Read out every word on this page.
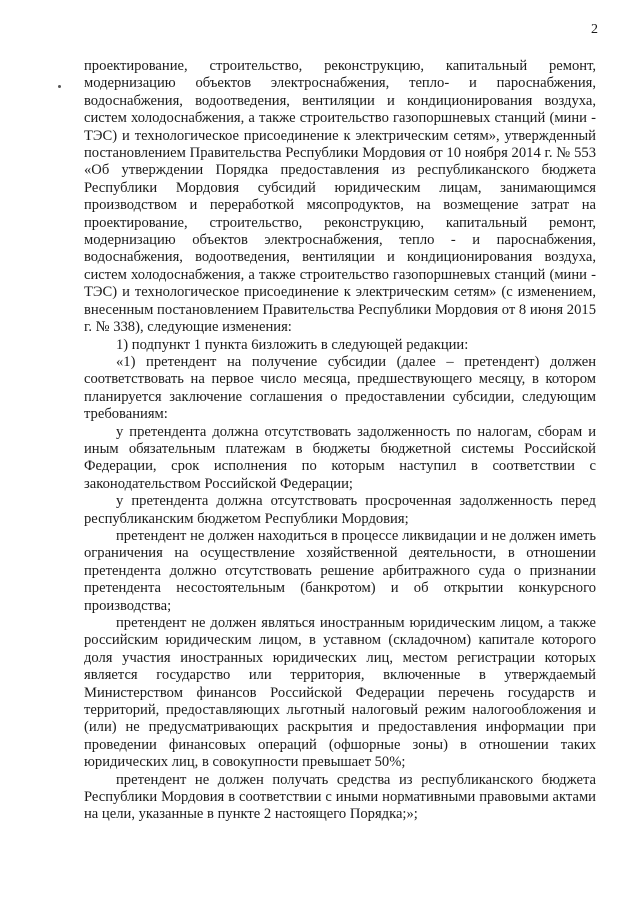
2

проектирование, строительство, реконструкцию, капитальный ремонт, модернизацию объектов электроснабжения, тепло- и пароснабжения, водоснабжения, водоотведения, вентиляции и кондиционирования воздуха, систем холодоснабжения, а также строительство газопоршневых станций (мини - ТЭС) и технологическое присоединение к электрическим сетям», утвержденный постановлением Правительства Республики Мордовия от 10 ноября 2014 г. № 553 «Об утверждении Порядка предоставления из республиканского бюджета Республики Мордовия субсидий юридическим лицам, занимающимся производством и переработкой мясопродуктов, на возмещение затрат на проектирование, строительство, реконструкцию, капитальный ремонт, модернизацию объектов электроснабжения, тепло - и пароснабжения, водоснабжения, водоотведения, вентиляции и кондиционирования воздуха, систем холодоснабжения, а также строительство газопоршневых станций (мини - ТЭС) и технологическое присоединение к электрическим сетям» (с изменением, внесенным постановлением Правительства Республики Мордовия от 8 июня 2015 г. № 338), следующие изменения:

1) подпункт 1 пункта 6изложить в следующей редакции:

«1) претендент на получение субсидии (далее – претендент) должен соответствовать на первое число месяца, предшествующего месяцу, в котором планируется заключение соглашения о предоставлении субсидии, следующим требованиям:

у претендента должна отсутствовать задолженность по налогам, сборам и иным обязательным платежам в бюджеты бюджетной системы Российской Федерации, срок исполнения по которым наступил в соответствии с законодательством Российской Федерации;

у претендента должна отсутствовать просроченная задолженность перед республиканским бюджетом Республики Мордовия;

претендент не должен находиться в процессе ликвидации и не должен иметь ограничения на осуществление хозяйственной деятельности, в отношении претендента должно отсутствовать решение арбитражного суда о признании претендента несостоятельным (банкротом) и об открытии конкурсного производства;

претендент не должен являться иностранным юридическим лицом, а также российским юридическим лицом, в уставном (складочном) капитале которого доля участия иностранных юридических лиц, местом регистрации которых является государство или территория, включенные в утверждаемый Министерством финансов Российской Федерации перечень государств и территорий, предоставляющих льготный налоговый режим налогообложения и (или) не предусматривающих раскрытия и предоставления информации при проведении финансовых операций (офшорные зоны) в отношении таких юридических лиц, в совокупности превышает 50%;

претендент не должен получать средства из республиканского бюджета Республики Мордовия в соответствии с иными нормативными правовыми актами на цели, указанные в пункте 2 настоящего Порядка;»;
